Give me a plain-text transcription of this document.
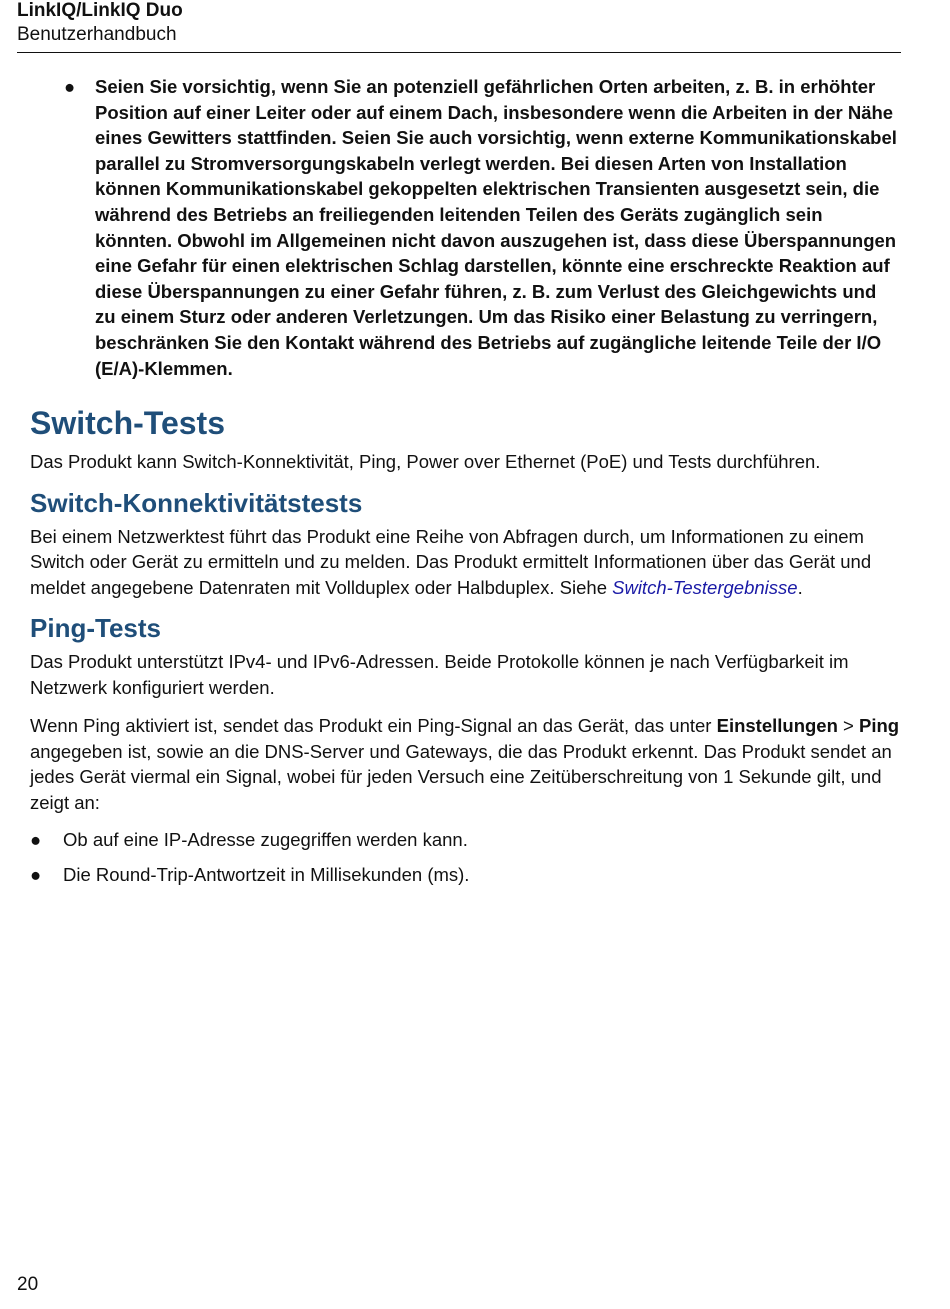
LinkIQ/LinkIQ Duo
Benutzerhandbuch
● Seien Sie vorsichtig, wenn Sie an potenziell gefährlichen Orten arbeiten, z. B. in erhöhter Position auf einer Leiter oder auf einem Dach, insbesondere wenn die Arbeiten in der Nähe eines Gewitters stattfinden. Seien Sie auch vorsichtig, wenn externe Kommunikationskabel parallel zu Stromversorgungskabeln verlegt werden. Bei diesen Arten von Installation können Kommunikationskabel gekoppelten elektrischen Transienten ausgesetzt sein, die während des Betriebs an freiliegenden leitenden Teilen des Geräts zugänglich sein könnten. Obwohl im Allgemeinen nicht davon auszugehen ist, dass diese Überspannungen eine Gefahr für einen elektrischen Schlag darstellen, könnte eine erschreckte Reaktion auf diese Überspannungen zu einer Gefahr führen, z. B. zum Verlust des Gleichgewichts und zu einem Sturz oder anderen Verletzungen. Um das Risiko einer Belastung zu verringern, beschränken Sie den Kontakt während des Betriebs auf zugängliche leitende Teile der I/O (E/A)-Klemmen.
Switch-Tests

Das Produkt kann Switch-Konnektivität, Ping, Power over Ethernet (PoE) und Tests durchführen.

Switch-Konnektivitätstests

Bei einem Netzwerktest führt das Produkt eine Reihe von Abfragen durch, um Informationen zu einem Switch oder Gerät zu ermitteln und zu melden. Das Produkt ermittelt Informationen über das Gerät und meldet angegebene Datenraten mit Vollduplex oder Halbduplex. Siehe Switch-Testergebnisse.

Ping-Tests

Das Produkt unterstützt IPv4- und IPv6-Adressen. Beide Protokolle können je nach Verfügbarkeit im Netzwerk konfiguriert werden.

Wenn Ping aktiviert ist, sendet das Produkt ein Ping-Signal an das Gerät, das unter Einstellungen > Ping angegeben ist, sowie an die DNS-Server und Gateways, die das Produkt erkennt. Das Produkt sendet an jedes Gerät viermal ein Signal, wobei für jeden Versuch eine Zeitüberschreitung von 1 Sekunde gilt, und zeigt an:

● Ob auf eine IP-Adresse zugegriffen werden kann.
● Die Round-Trip-Antwortzeit in Millisekunden (ms).
20
